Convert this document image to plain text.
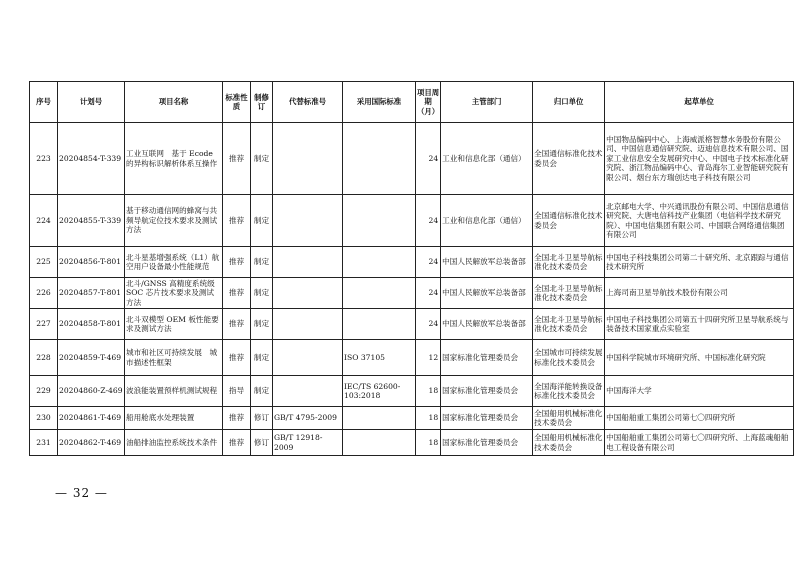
序号	计划号	项目名称	标准性质	制修订	代替标准号	采用国际标准	项目周期（月）	主管部门	归口单位	起草单位
223	20204854-T-339	工业互联网　基于 Ecode 的异构标识解析体系互操作	推荐	制定			24	工业和信息化部（通信）	全国通信标准化技术委员会	中国物品编码中心、上海威派格智慧水务股份有限公司、中国信息通信研究院、迈迪信息技术有限公司、国家工业信息安全发展研究中心、中国电子技术标准化研究院、浙江物品编码中心、青岛海尔工业智能研究院有限公司、烟台东方瑞创达电子科技有限公司
224	20204855-T-339	基于移动通信网的蜂窝与共频导航定位技术要求及测试方法	推荐	制定			24	工业和信息化部（通信）	全国通信标准化技术委员会	北京邮电大学、中兴通讯股份有限公司、中国信息通信研究院、大唐电信科技产业集团（电信科学技术研究院）、中国电信集团有限公司、中国联合网络通信集团有限公司
225	20204856-T-801	北斗星基增强系统（L1）航空用户设备最小性能规范	推荐	制定			24	中国人民解放军总装备部	全国北斗卫星导航标准化技术委员会	中国电子科技集团公司第二十研究所、北京跟踪与通信技术研究所
226	20204857-T-801	北斗/GNSS 高精度系统级 SOC 芯片技术要求及测试方法	推荐	制定			24	中国人民解放军总装备部	全国北斗卫星导航标准化技术委员会	上海司南卫星导航技术股份有限公司
227	20204858-T-801	北斗双模型 OEM 板性能要求及测试方法	推荐	制定			24	中国人民解放军总装备部	全国北斗卫星导航标准化技术委员会	中国电子科技集团公司第五十四研究所卫星导航系统与装备技术国家重点实验室
228	20204859-T-469	城市和社区可持续发展　城市描述性框架	推荐	制定		ISO 37105	12	国家标准化管理委员会	全国城市可持续发展标准化技术委员会	中国科学院城市环境研究所、中国标准化研究院
229	20204860-Z-469	波浪能装置预样机测试规程	指导	制定		IEC/TS 62600-103:2018	18	国家标准化管理委员会	全国海洋能转换设备标准化技术委员会	中国海洋大学
230	20204861-T-469	船用舱底水处理装置	推荐	修订	GB/T 4795-2009		18	国家标准化管理委员会	全国船用机械标准化技术委员会	中国船舶重工集团公司第七〇四研究所
231	20204862-T-469	油船排油监控系统技术条件	推荐	修订	GB/T 12918-2009		18	国家标准化管理委员会	全国船用机械标准化技术委员会	中国船舶重工集团公司第七〇四研究所、上海蓝魂船舶电工程设备有限公司
— 32 —
